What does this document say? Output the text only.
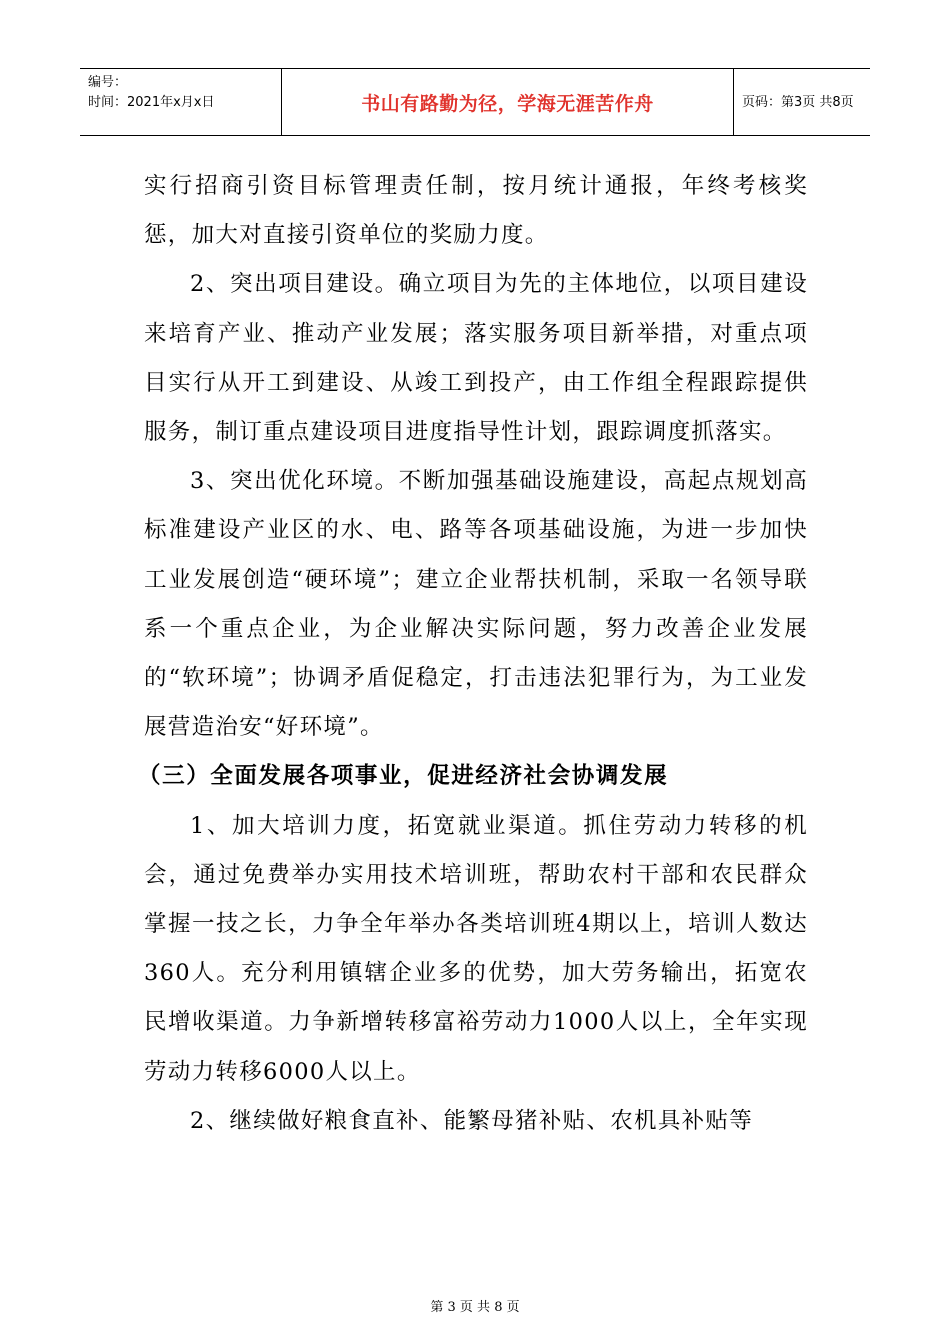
编号：
时间：2021年x月x日	书山有路勤为径，学海无涯苦作舟	页码：第3页 共8页

实行招商引资目标管理责任制，按月统计通报，年终考核奖惩，加大对直接引资单位的奖励力度。

2、突出项目建设。确立项目为先的主体地位，以项目建设来培育产业、推动产业发展；落实服务项目新举措，对重点项目实行从开工到建设、从竣工到投产，由工作组全程跟踪提供服务，制订重点建设项目进度指导性计划，跟踪调度抓落实。

3、突出优化环境。不断加强基础设施建设，高起点规划高标准建设产业区的水、电、路等各项基础设施，为进一步加快工业发展创造“硬环境”；建立企业帮扶机制，采取一名领导联系一个重点企业，为企业解决实际问题，努力改善企业发展的“软环境”；协调矛盾促稳定，打击违法犯罪行为，为工业发展营造治安“好环境”。

（三）全面发展各项事业，促进经济社会协调发展

1、加大培训力度，拓宽就业渠道。抓住劳动力转移的机会，通过免费举办实用技术培训班，帮助农村干部和农民群众掌握一技之长，力争全年举办各类培训班4期以上，培训人数达360人。充分利用镇辖企业多的优势，加大劳务输出，拓宽农民增收渠道。力争新增转移富裕劳动力1000人以上，全年实现劳动力转移6000人以上。

2、继续做好粮食直补、能繁母猪补贴、农机具补贴等

第 3 页 共 8 页
